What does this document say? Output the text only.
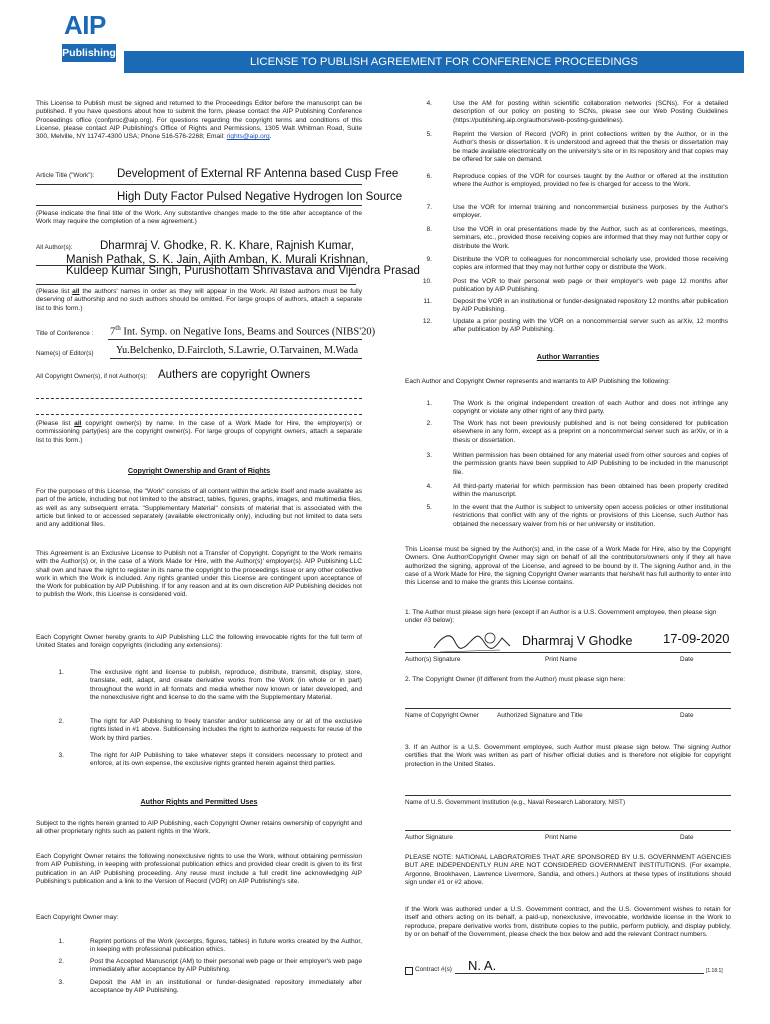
AIP
Publishing
LICENSE TO PUBLISH AGREEMENT FOR CONFERENCE PROCEEDINGS
This License to Publish must be signed and returned to the Proceedings Editor before the manuscript can be published. If you have questions about how to submit the form, please contact the AIP Publishing Conference Proceedings office (confproc@aip.org). For questions regarding the copyright terms and conditions of this License, please contact AIP Publishing's Office of Rights and Permissions, 1305 Walt Whitman Road, Suite 300, Melville, NY 11747-4300 USA; Phone 516-576-2268; Email: rights@aip.org.
Article Title ("Work"): Development of External RF Antenna based Cusp Free
High Duty Factor Pulsed Negative Hydrogen Ion Source
(Please indicate the final title of the Work. Any substantive changes made to the title after acceptance of the Work may require the completion of a new agreement.)
All Author(s): Dharmraj V. Ghodke, R. K. Khare, Rajnish Kumar,
Manish Pathak, S. K. Jain, Ajith Amban, K. Murali Krishnan,
Kuldeep Kumar Singh, Purushottam Shrivastava and Vijendra Prasad
(Please list all the authors' names in order as they will appear in the Work. All listed authors must be fully deserving of authorship and no such authors should be omitted. For large groups of authors, attach a separate list to this form.)
Title of Conference : 7th Int. Symp. on Negative Ions, Beams and Sources (NIBS'20)
Name(s) of Editor(s) Yu.Belchenko, D.Faircloth, S.Lawrie, O.Tarvainen, M.Wada
All Copyright Owner(s), if not Author(s): Authers are copyright Owners
(Please list all copyright owner(s) by name. In the case of a Work Made for Hire, the employer(s) or commissioning party(ies) are the copyright owner(s). For large groups of copyright owners, attach a separate list to this form.)
Copyright Ownership and Grant of Rights
For the purposes of this License, the "Work" consists of all content within the article itself and made available as part of the article, including but not limited to the abstract, tables, figures, graphs, images, and multimedia files, as well as any subsequent errata. "Supplementary Material" consists of material that is associated with the article but linked to or accessed separately (available electronically only), including but not limited to data sets and any additional files.
This Agreement is an Exclusive License to Publish not a Transfer of Copyright. Copyright to the Work remains with the Author(s) or, in the case of a Work Made for Hire, with the Author(s)' employer(s). AIP Publishing LLC shall own and have the right to register in its name the copyright to the proceedings issue or any other collective work in which the Work is included. Any rights granted under this License are contingent upon acceptance of the Work for publication by AIP Publishing. If for any reason and at its own discretion AIP Publishing decides not to publish the Work, this License is considered void.
Each Copyright Owner hereby grants to AIP Publishing LLC the following irrevocable rights for the full term of United States and foreign copyrights (including any extensions):
1.	The exclusive right and license to publish, reproduce, distribute, transmit, display, store, translate, edit, adapt, and create derivative works from the Work (in whole or in part) throughout the world in all formats and media whether now known or later developed, and the nonexclusive right and license to do the same with the Supplementary Material.
2.	The right for AIP Publishing to freely transfer and/or sublicense any or all of the exclusive rights listed in #1 above. Sublicensing includes the right to authorize requests for reuse of the Work by third parties.
3.	The right for AIP Publishing to take whatever steps it considers necessary to protect and enforce, at its own expense, the exclusive rights granted herein against third parties.
Author Rights and Permitted Uses
Subject to the rights herein granted to AIP Publishing, each Copyright Owner retains ownership of copyright and all other proprietary rights such as patent rights in the Work.
Each Copyright Owner retains the following nonexclusive rights to use the Work, without obtaining permission from AIP Publishing, in keeping with professional publication ethics and provided clear credit is given to its first publication in an AIP Publishing proceeding. Any reuse must include a full credit line acknowledging AIP Publishing's publication and a link to the Version of Record (VOR) on AIP Publishing's site.
Each Copyright Owner may:
1.	Reprint portions of the Work (excerpts, figures, tables) in future works created by the Author, in keeping with professional publication ethics.
2.	Post the Accepted Manuscript (AM) to their personal web page or their employer's web page immediately after acceptance by AIP Publishing.
3.	Deposit the AM in an institutional or funder-designated repository immediately after acceptance by AIP Publishing.
4.	Use the AM for posting within scientific collaboration networks (SCNs). For a detailed description of our policy on posting to SCNs, please see our Web Posting Guidelines (https://publishing.aip.org/authors/web-posting-guidelines).
5.	Reprint the Version of Record (VOR) in print collections written by the Author, or in the Author's thesis or dissertation. It is understood and agreed that the thesis or dissertation may be made available electronically on the university's site or in its repository and that copies may be offered for sale on demand.
6.	Reproduce copies of the VOR for courses taught by the Author or offered at the institution where the Author is employed, provided no fee is charged for access to the Work.
7.	Use the VOR for internal training and noncommercial business purposes by the Author's employer.
8.	Use the VOR in oral presentations made by the Author, such as at conferences, meetings, seminars, etc., provided those receiving copies are informed that they may not further copy or distribute the Work.
9.	Distribute the VOR to colleagues for noncommercial scholarly use, provided those receiving copies are informed that they may not further copy or distribute the Work.
10.	Post the VOR to their personal web page or their employer's web page 12 months after publication by AIP Publishing.
11.	Deposit the VOR in an institutional or funder-designated repository 12 months after publication by AIP Publishing.
12.	Update a prior posting with the VOR on a noncommercial server such as arXiv, 12 months after publication by AIP Publishing.
Author Warranties
Each Author and Copyright Owner represents and warrants to AIP Publishing the following:
1.	The Work is the original independent creation of each Author and does not infringe any copyright or violate any other right of any third party.
2.	The Work has not been previously published and is not being considered for publication elsewhere in any form, except as a preprint on a noncommercial server such as arXiv, or in a thesis or dissertation.
3.	Written permission has been obtained for any material used from other sources and copies of the permission grants have been supplied to AIP Publishing to be included in the manuscript file.
4.	All third-party material for which permission has been obtained has been properly credited within the manuscript.
5.	In the event that the Author is subject to university open access policies or other institutional restrictions that conflict with any of the rights or provisions of this License, such Author has obtained the necessary waiver from his or her university or institution.
This License must be signed by the Author(s) and, in the case of a Work Made for Hire, also by the Copyright Owners. One Author/Copyright Owner may sign on behalf of all the contributors/owners only if they all have authorized the signing, approval of the License, and agreed to be bound by it. The signing Author and, in the case of a Work Made for Hire, the signing Copyright Owner warrants that he/she/it has full authority to enter into this License and to make the grants this License contains.
1. The Author must please sign here (except if an Author is a U.S. Government employee, then please sign under #3 below):
Dharmraj V Ghodke 17-09-2020
Author(s) Signature	Print Name	Date
2. The Copyright Owner (if different from the Author) must please sign here:
Name of Copyright Owner	Authorized Signature and Title	Date
3. If an Author is a U.S. Government employee, such Author must please sign below. The signing Author certifies that the Work was written as part of his/her official duties and is therefore not eligible for copyright protection in the United States.
Name of U.S. Government Institution (e.g., Naval Research Laboratory, NIST)
Author Signature	Print Name	Date
PLEASE NOTE: NATIONAL LABORATORIES THAT ARE SPONSORED BY U.S. GOVERNMENT AGENCIES BUT ARE INDEPENDENTLY RUN ARE NOT CONSIDERED GOVERNMENT INSTITUTIONS. (For example, Argonne, Brookhaven, Lawrence Livermore, Sandia, and others.) Authors at these types of institutions should sign under #1 or #2 above.
If the Work was authored under a U.S. Government contract, and the U.S. Government wishes to retain for itself and others acting on its behalf, a paid-up, nonexclusive, irrevocable, worldwide license in the Work to reproduce, prepare derivative works from, distribute copies to the public, perform publicly, and display publicly, by or on behalf of the Government, please check the box below and add the relevant Contract numbers.
Contract #(s) N. A.	[1.18.1]
